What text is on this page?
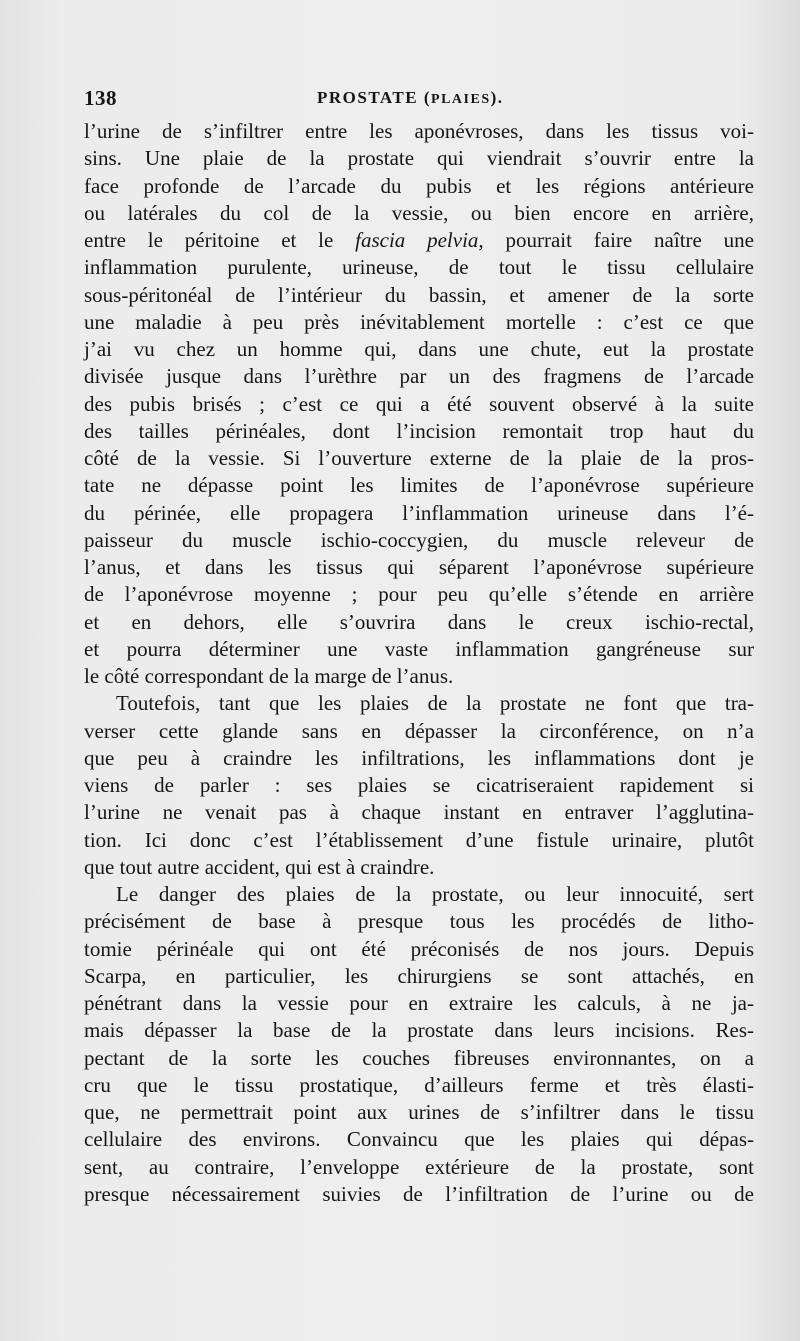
138	PROSTATE (PLAIES).
l’urine de s’infiltrer entre les aponévroses, dans les tissus voi-
sins. Une plaie de la prostate qui viendrait s’ouvrir entre la
face profonde de l’arcade du pubis et les régions antérieure
ou latérales du col de la vessie, ou bien encore en arrière,
entre le péritoine et le fascia pelvia, pourrait faire naître une
inflammation purulente, urineuse, de tout le tissu cellulaire
sous-péritonéal de l’intérieur du bassin, et amener de la sorte
une maladie à peu près inévitablement mortelle : c’est ce que
j’ai vu chez un homme qui, dans une chute, eut la prostate
divisée jusque dans l’urèthre par un des fragmens de l’arcade
des pubis brisés ; c’est ce qui a été souvent observé à la suite
des tailles périnéales, dont l’incision remontait trop haut du
côté de la vessie. Si l’ouverture externe de la plaie de la pros-
tate ne dépasse point les limites de l’aponévrose supérieure
du périnée, elle propagera l’inflammation urineuse dans l’é-
paisseur du muscle ischio-coccygien, du muscle releveur de
l’anus, et dans les tissus qui séparent l’aponévrose supérieure
de l’aponévrose moyenne ; pour peu qu’elle s’étende en arrière
et en dehors, elle s’ouvrira dans le creux ischio-rectal,
et pourra déterminer une vaste inflammation gangréneuse sur
le côté correspondant de la marge de l’anus.
Toutefois, tant que les plaies de la prostate ne font que tra-
verser cette glande sans en dépasser la circonférence, on n’a
que peu à craindre les infiltrations, les inflammations dont je
viens de parler : ses plaies se cicatriseraient rapidement si
l’urine ne venait pas à chaque instant en entraver l’agglutina-
tion. Ici donc c’est l’établissement d’une fistule urinaire, plutôt
que tout autre accident, qui est à craindre.
Le danger des plaies de la prostate, ou leur innocuité, sert
précisément de base à presque tous les procédés de litho-
tomie périnéale qui ont été préconisés de nos jours. Depuis
Scarpa, en particulier, les chirurgiens se sont attachés, en
pénétrant dans la vessie pour en extraire les calculs, à ne ja-
mais dépasser la base de la prostate dans leurs incisions. Res-
pectant de la sorte les couches fibreuses environnantes, on a
cru que le tissu prostatique, d’ailleurs ferme et très élasti-
que, ne permettrait point aux urines de s’infiltrer dans le tissu
cellulaire des environs. Convaincu que les plaies qui dépas-
sent, au contraire, l’enveloppe extérieure de la prostate, sont
presque nécessairement suivies de l’infiltration de l’urine ou de
